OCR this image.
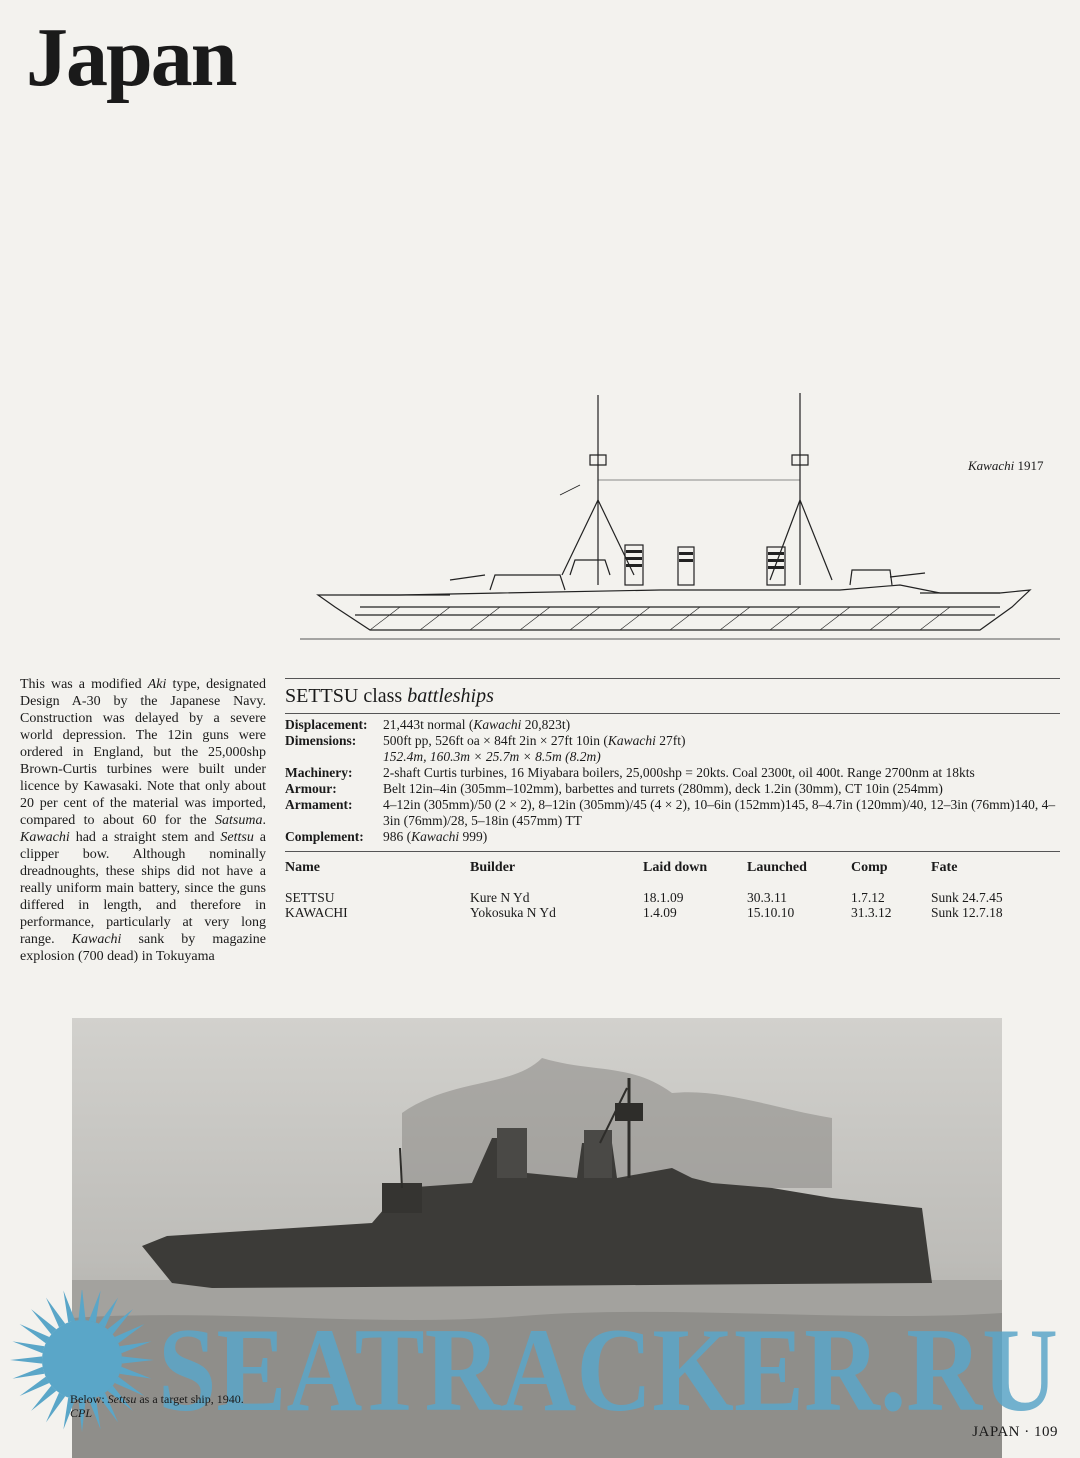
Japan
Kawachi 1917
This was a modified Aki type, designated Design A-30 by the Japanese Navy. Construction was delayed by a severe world depression. The 12in guns were ordered in England, but the 25,000shp Brown-Curtis turbines were built under licence by Kawasaki. Note that only about 20 per cent of the material was imported, compared to about 60 for the Satsuma. Kawachi had a straight stem and Settsu a clipper bow. Although nominally dreadnoughts, these ships did not have a really uniform main battery, since the guns differed in length, and therefore in performance, particularly at very long range. Kawachi sank by magazine explosion (700 dead) in Tokuyama
SETTSU class battleships
Displacement:	21,443t normal (Kawachi 20,823t)
Dimensions:	500ft pp, 526ft oa × 84ft 2in × 27ft 10in (Kawachi 27ft)
152.4m, 160.3m × 25.7m × 8.5m (8.2m)
Machinery:	2-shaft Curtis turbines, 16 Miyabara boilers, 25,000shp = 20kts. Coal 2300t, oil 400t. Range 2700nm at 18kts
Armour:	Belt 12in–4in (305mm–102mm), barbettes and turrets (280mm), deck 1.2in (30mm), CT 10in (254mm)
Armament:	4–12in (305mm)/50 (2 × 2), 8–12in (305mm)/45 (4 × 2), 10–6in (152mm)145, 8–4.7in (120mm)/40, 12–3in (76mm)140, 4–3in (76mm)/28, 5–18in (457mm) TT
Complement:	986 (Kawachi 999)
Name	Builder	Laid down	Launched	Comp	Fate
SETTSU	Kure N Yd	18.1.09	30.3.11	1.7.12	Sunk 24.7.45
KAWACHI	Yokosuka N Yd	1.4.09	15.10.10	31.3.12	Sunk 12.7.18
SEATRACKER.RU
Below: Settsu as a target ship, 1940.
CPL
JAPAN · 109
